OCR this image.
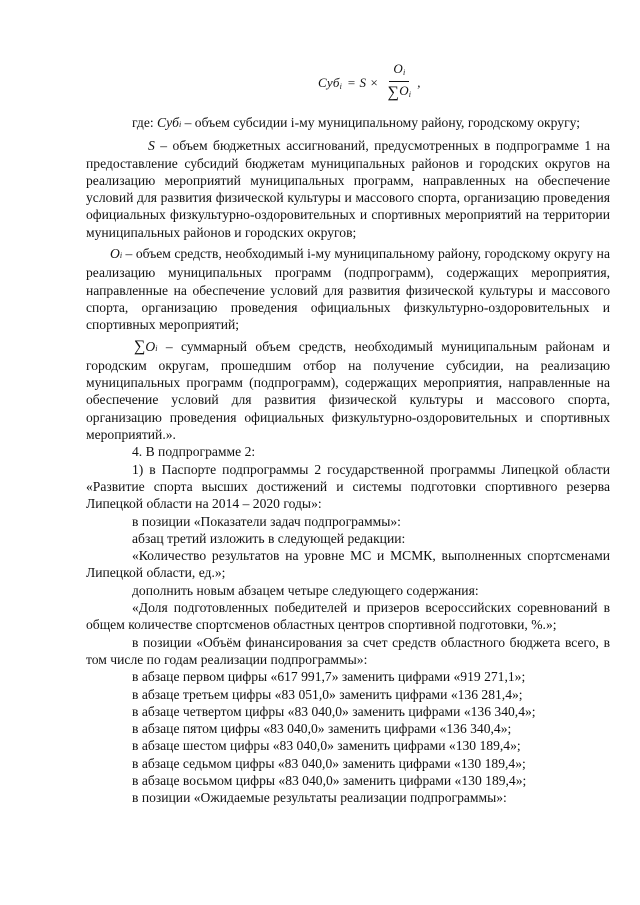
$Суб_i = S \times \frac{O_i}{\sum O_i}$ ,

где: Субi – объем субсидии i-му муниципальному району, городскому округу;

S – объем бюджетных ассигнований, предусмотренных в подпрограмме 1 на предоставление субсидий бюджетам муниципальных районов и городских округов на реализацию мероприятий муниципальных программ, направленных на обеспечение условий для развития физической культуры и массового спорта, организацию проведения официальных физкультурно-оздоровительных и спортивных мероприятий на территории муниципальных районов и городских округов;

Oi – объем средств, необходимый i-му муниципальному району, городскому округу на реализацию муниципальных программ (подпрограмм), содержащих мероприятия, направленные на обеспечение условий для развития физической культуры и массового спорта, организацию проведения официальных физкультурно-оздоровительных и спортивных мероприятий;

∑Oi – суммарный объем средств, необходимый муниципальным районам и городским округам, прошедшим отбор на получение субсидии, на реализацию муниципальных программ (подпрограмм), содержащих мероприятия, направленные на обеспечение условий для развития физической культуры и массового спорта, организацию проведения официальных физкультурно-оздоровительных и спортивных мероприятий.».

4. В подпрограмме 2:

1) в Паспорте подпрограммы 2 государственной программы Липецкой области «Развитие спорта высших достижений и системы подготовки спортивного резерва Липецкой области на 2014 – 2020 годы»:

в позиции «Показатели задач подпрограммы»:

абзац третий изложить в следующей редакции:

«Количество результатов на уровне МС и МСМК, выполненных спортсменами Липецкой области, ед.»;

дополнить новым абзацем четыре следующего содержания:

«Доля подготовленных победителей и призеров всероссийских соревнований в общем количестве спортсменов областных центров спортивной подготовки, %.»;

в позиции «Объём финансирования за счет средств областного бюджета всего, в том числе по годам реализации подпрограммы»:

в абзаце первом цифры «617 991,7» заменить цифрами «919 271,1»;

в абзаце третьем цифры «83 051,0» заменить цифрами «136 281,4»;

в абзаце четвертом цифры «83 040,0» заменить цифрами «136 340,4»;

в абзаце пятом цифры «83 040,0» заменить цифрами «136 340,4»;

в абзаце шестом цифры «83 040,0» заменить цифрами «130 189,4»;

в абзаце седьмом цифры «83 040,0» заменить цифрами «130 189,4»;

в абзаце восьмом цифры «83 040,0» заменить цифрами «130 189,4»;

в позиции «Ожидаемые результаты реализации подпрограммы»:
